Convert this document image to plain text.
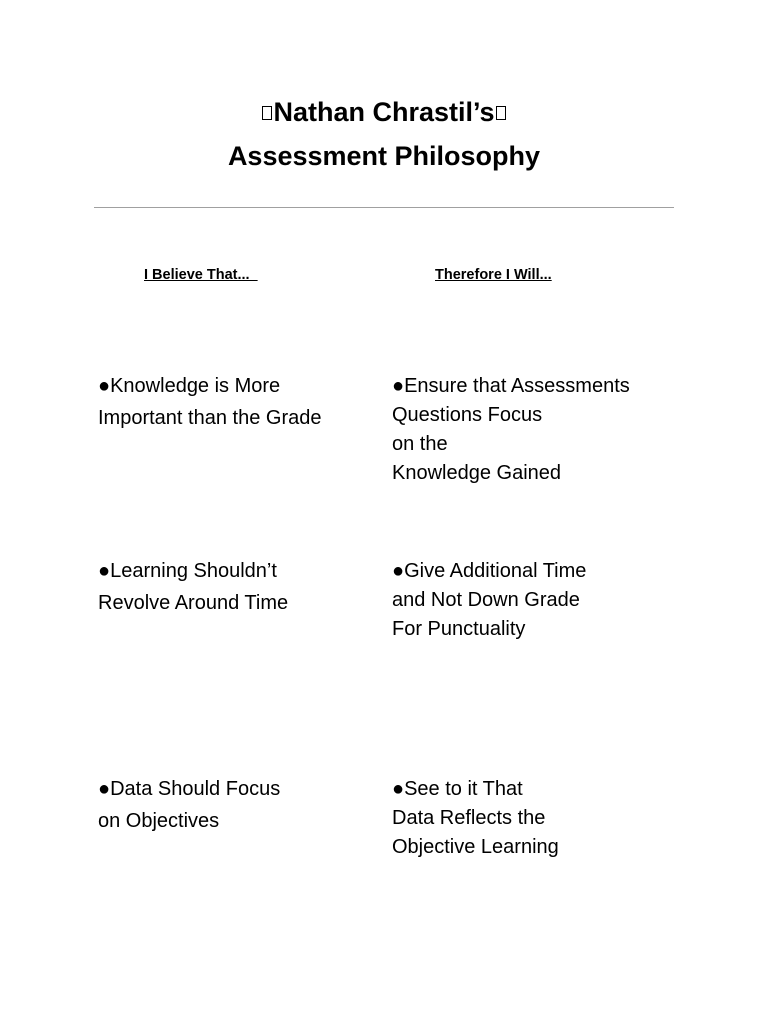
Nathan Chrastil’s
Assessment Philosophy
I Believe That...	Therefore I Will...
●Knowledge is More
Important than the Grade
●Ensure that Assessments
Questions Focus
on the
Knowledge Gained
●Learning Shouldn’t
Revolve Around Time
●Give Additional Time
and Not Down Grade
For Punctuality
●Data Should Focus
on Objectives
●See to it That
Data Reflects the
Objective Learning
